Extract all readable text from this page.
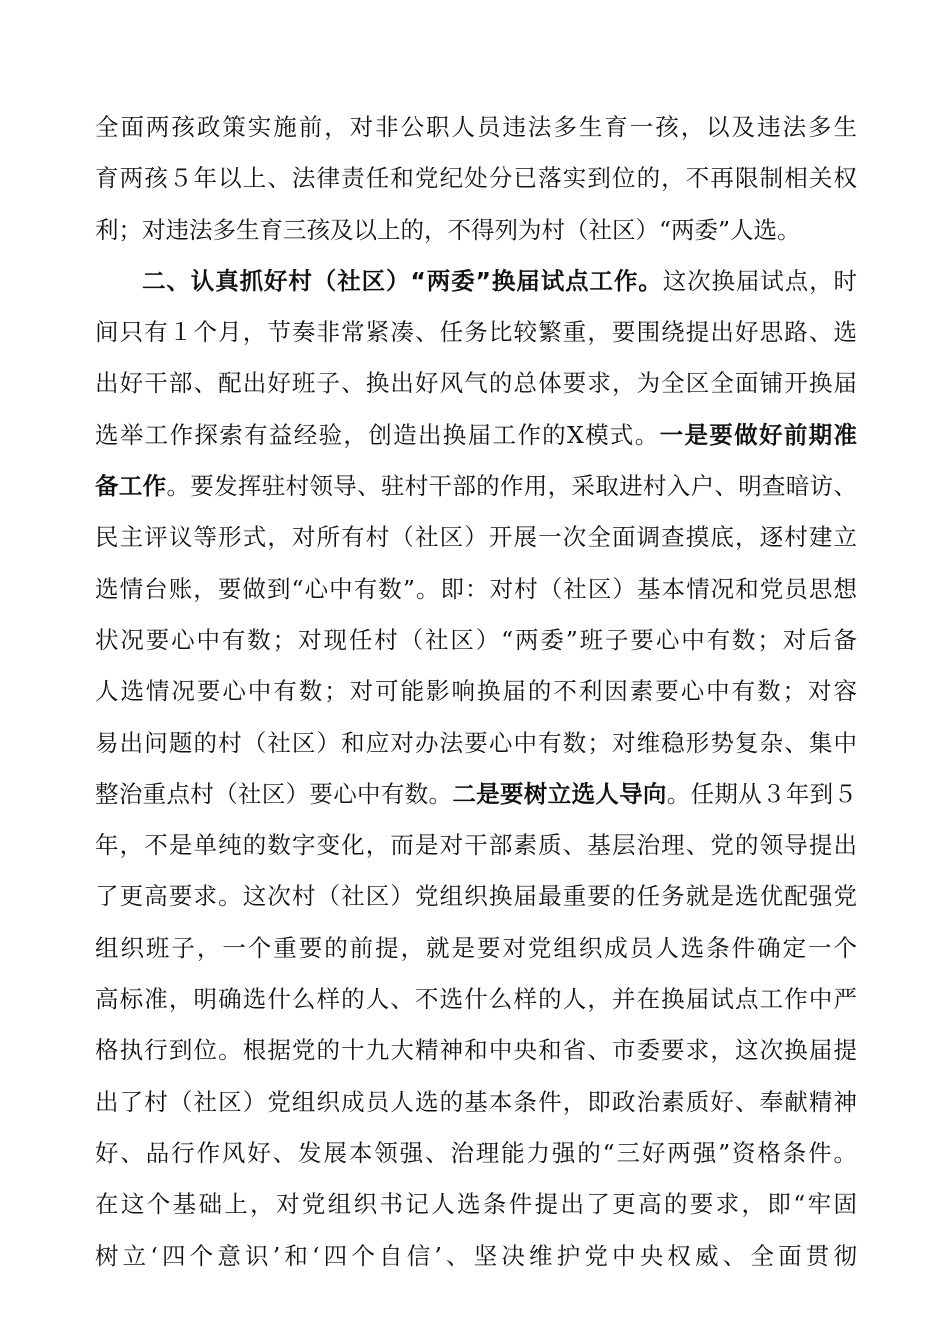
全面两孩政策实施前，对非公职人员违法多生育一孩，以及违法多生
育两孩５年以上、法律责任和党纪处分已落实到位的，不再限制相关权
利；对违法多生育三孩及以上的，不得列为村（社区）“两委”人选。
二、认真抓好村（社区）“两委”换届试点工作。这次换届试点，时
间只有１个月，节奏非常紧凑、任务比较繁重，要围绕提出好思路、选
出好干部、配出好班子、换出好风气的总体要求，为全区全面铺开换届
选举工作探索有益经验，创造出换届工作的X模式。一是要做好前期准
备工作。要发挥驻村领导、驻村干部的作用，采取进村入户、明查暗访、
民主评议等形式，对所有村（社区）开展一次全面调查摸底，逐村建立
选情台账，要做到“心中有数”。即：对村（社区）基本情况和党员思想
状况要心中有数；对现任村（社区）“两委”班子要心中有数；对后备
人选情况要心中有数；对可能影响换届的不利因素要心中有数；对容
易出问题的村（社区）和应对办法要心中有数；对维稳形势复杂、集中
整治重点村（社区）要心中有数。二是要树立选人导向。任期从３年到５
年，不是单纯的数字变化，而是对干部素质、基层治理、党的领导提出
了更高要求。这次村（社区）党组织换届最重要的任务就是选优配强党
组织班子，一个重要的前提，就是要对党组织成员人选条件确定一个
高标准，明确选什么样的人、不选什么样的人，并在换届试点工作中严
格执行到位。根据党的十九大精神和中央和省、市委要求，这次换届提
出了村（社区）党组织成员人选的基本条件，即政治素质好、奉献精神
好、品行作风好、发展本领强、治理能力强的“三好两强”资格条件。
在这个基础上，对党组织书记人选条件提出了更高的要求，即“牢固
树立‘四个意识’和‘四个自信’、坚决维护党中央权威、全面贯彻
